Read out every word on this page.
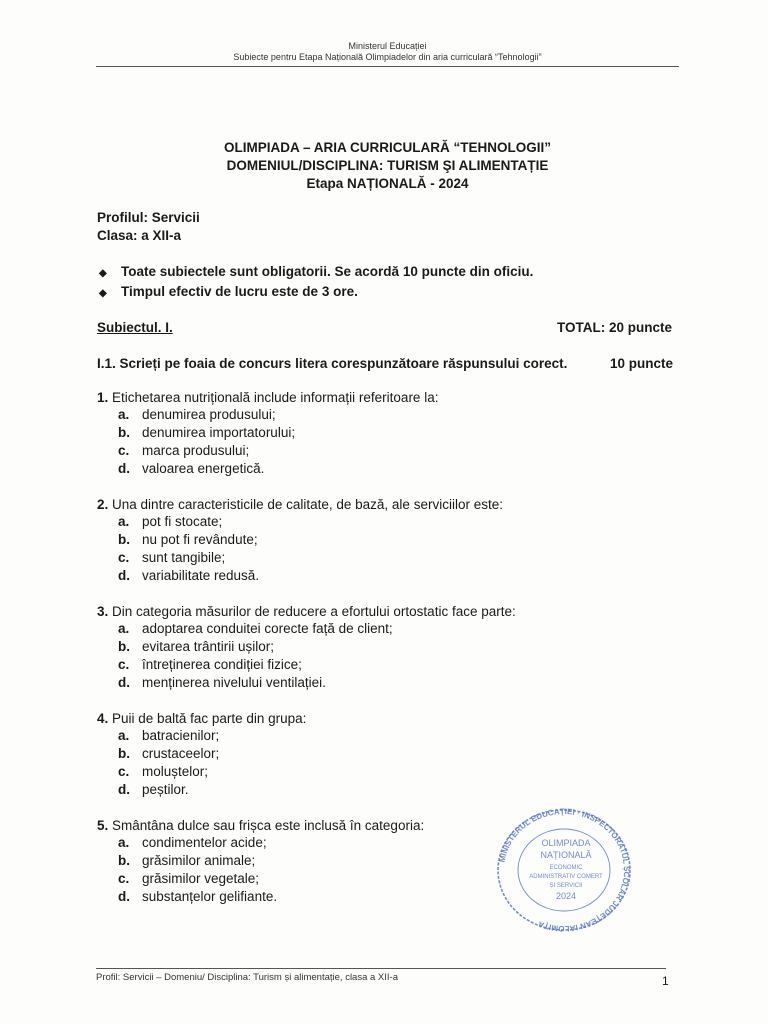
Ministerul Educației
Subiecte pentru Etapa Națională Olimpiadelor din aria curriculară “Tehnologii”
OLIMPIADA – ARIA CURRICULARĂ “TEHNOLOGII”
DOMENIUL/DISCIPLINA: TURISM ŞI ALIMENTAȚIE
Etapa NAȚIONALĂ - 2024
Profilul: Servicii
Clasa: a XII-a
◆ Toate subiectele sunt obligatorii. Se acordă 10 puncte din oficiu.
◆ Timpul efectiv de lucru este de 3 ore.
Subiectul. I.	TOTAL: 20 puncte
I.1. Scrieți pe foaia de concurs litera corespunzătoare răspunsului corect.	10 puncte
1. Etichetarea nutrițională include informații referitoare la:
a. denumirea produsului;
b. denumirea importatorului;
c. marca produsului;
d. valoarea energetică.
2. Una dintre caracteristicile de calitate, de bază, ale serviciilor este:
a. pot fi stocate;
b. nu pot fi revândute;
c. sunt tangibile;
d. variabilitate redusă.
3. Din categoria măsurilor de reducere a efortului ortostatic face parte:
a. adoptarea conduitei corecte față de client;
b. evitarea trântirii ușilor;
c. întreținerea condiției fizice;
d. menținerea nivelului ventilației.
4. Puii de baltă fac parte din grupa:
a. batracienilor;
b. crustaceelor;
c. moluștelor;
d. peștilor.
5. Smântâna dulce sau frișca este inclusă în categoria:
a. condimentelor acide;
b. grăsimilor animale;
c. grăsimilor vegetale;
d. substanțelor gelifiante.
MINISTERUL EDUCAȚIEI · INSPECTORATUL ȘCOLAR JUDEȚEAN IALOMIȚA
OLIMPIADA
NAȚIONALĂ
ECONOMIC
ADMINISTRATIV COMERT
ȘI SERVICII
2024
Profil: Servicii – Domeniu/ Disciplina: Turism și alimentație, clasa a XII-a	1
